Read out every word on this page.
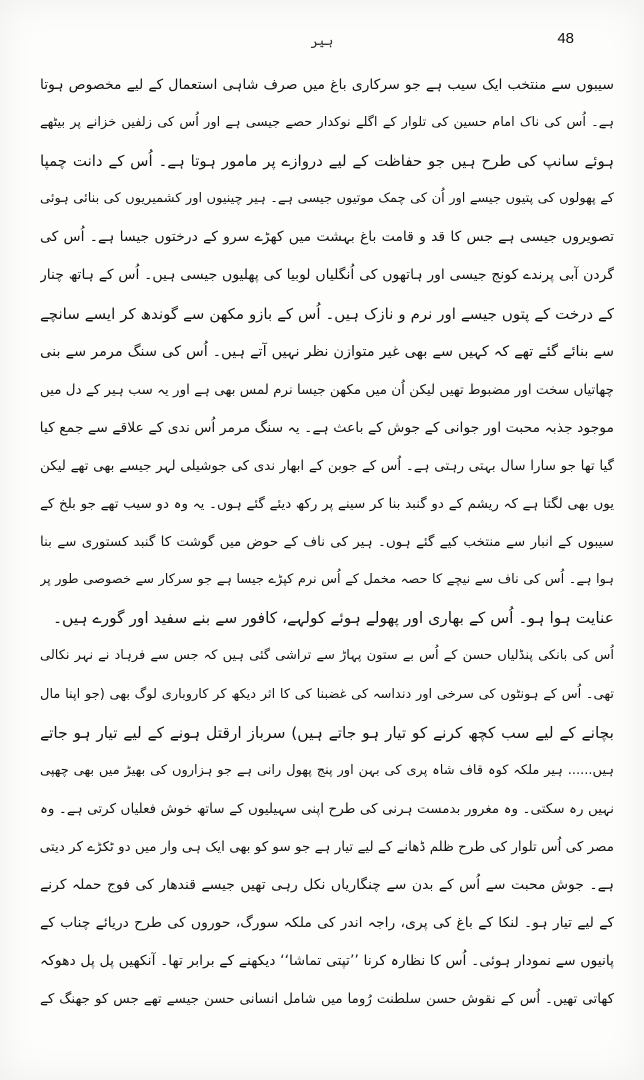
ہیر	48
سیبوں سے منتخب ایک سیب ہے جو سرکاری باغ میں صرف شاہی استعمال کے لیے مخصوص ہوتا
ہے۔ اُس کی ناک امام حسین کی تلوار کے اگلے نوکدار حصے جیسی ہے اور اُس کی زلفیں خزانے پر بیٹھے
ہوئے سانپ کی طرح ہیں جو حفاظت کے لیے دروازے پر مامور ہوتا ہے۔ اُس کے دانت چمپا
کے پھولوں کی پتیوں جیسے اور اُن کی چمک موتیوں جیسی ہے۔ ہیر چینیوں اور کشمیریوں کی بنائی ہوئی
تصویروں جیسی ہے جس کا قد و قامت باغ بہشت میں کھڑے سرو کے درختوں جیسا ہے۔ اُس کی
گردن آبی پرندے کونج جیسی اور ہاتھوں کی اُنگلیاں لوبیا کی پھلیوں جیسی ہیں۔ اُس کے ہاتھ چنار
کے درخت کے پتوں جیسے اور نرم و نازک ہیں۔ اُس کے بازو مکھن سے گوندھ کر ایسے سانچے
سے بنائے گئے تھے کہ کہیں سے بھی غیر متوازن نظر نہیں آتے ہیں۔ اُس کی سنگ مرمر سے بنی
چھاتیاں سخت اور مضبوط تھیں لیکن اُن میں مکھن جیسا نرم لمس بھی ہے اور یہ سب ہیر کے دل میں
موجود جذبہ محبت اور جوانی کے جوش کے باعث ہے۔ یہ سنگ مرمر اُس ندی کے علاقے سے جمع کیا
گیا تھا جو سارا سال بہتی رہتی ہے۔ اُس کے جوبن کے ابھار ندی کی جوشیلی لہر جیسے بھی تھے لیکن
یوں بھی لگتا ہے کہ ریشم کے دو گنبد بنا کر سینے پر رکھ دیئے گئے ہوں۔ یہ وہ دو سیب تھے جو بلخ کے
سیبوں کے انبار سے منتخب کیے گئے ہوں۔ ہیر کی ناف کے حوض میں گوشت کا گنبد کستوری سے بنا
ہوا ہے۔ اُس کی ناف سے نیچے کا حصہ مخمل کے اُس نرم کپڑے جیسا ہے جو سرکار سے خصوصی طور پر
عنایت ہوا ہو۔ اُس کے بھاری اور پھولے ہوئے کولہے، کافور سے بنے سفید اور گورے ہیں۔
اُس کی بانکی پنڈلیاں حسن کے اُس بے ستون پہاڑ سے تراشی گئی ہیں کہ جس سے فرہاد نے نہر نکالی
تھی۔ اُس کے ہونٹوں کی سرخی اور دنداسہ کی غضبنا کی کا اثر دیکھ کر کاروباری لوگ بھی (جو اپنا مال
بچانے کے لیے سب کچھ کرنے کو تیار ہو جاتے ہیں) سرباز ارقتل ہونے کے لیے تیار ہو جاتے
ہیں...... ہیر ملکہ کوہ قاف شاہ پری کی بہن اور پنج پھول رانی ہے جو ہزاروں کی بھیڑ میں بھی چھپی
نہیں رہ سکتی۔ وہ مغرور بدمست ہرنی کی طرح اپنی سہیلیوں کے ساتھ خوش فعلیاں کرتی ہے۔ وہ
مصر کی اُس تلوار کی طرح ظلم ڈھانے کے لیے تیار ہے جو سو کو بھی ایک ہی وار میں دو ٹکڑے کر دیتی
ہے۔ جوش محبت سے اُس کے بدن سے چنگاریاں نکل رہی تھیں جیسے قندھار کی فوج حملہ کرنے
کے لیے تیار ہو۔ لنکا کے باغ کی پری، راجہ اندر کی ملکہ سورگ، حوروں کی طرح دریائے چناب کے
پانیوں سے نمودار ہوئی۔ اُس کا نظارہ کرنا ’’تپتی تماشا‘‘ دیکھنے کے برابر تھا۔ آنکھیں پل پل دھوکہ
کھاتی تھیں۔ اُس کے نقوش حسن سلطنت رُوما میں شامل انسانی حسن جیسے تھے جس کو جھنگ کے
